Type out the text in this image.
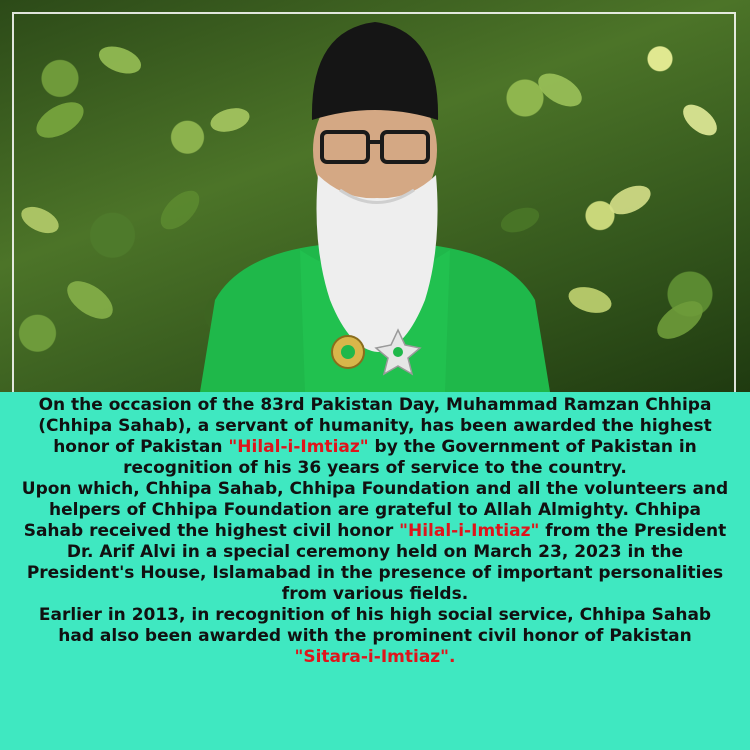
On the occasion of the 83rd Pakistan Day, Muhammad Ramzan Chhipa (Chhipa Sahab), a servant of humanity, has been awarded the highest honor of Pakistan "Hilal-i-Imtiaz" by the Government of Pakistan in recognition of his 36 years of service to the country.

Upon which, Chhipa Sahab, Chhipa Foundation and all the volunteers and helpers of Chhipa Foundation are grateful to Allah Almighty. Chhipa Sahab received the highest civil honor "Hilal-i-Imtiaz" from the President Dr. Arif Alvi in a special ceremony held on March 23, 2023 in the President's House, Islamabad in the presence of important personalities from various fields.

Earlier in 2013, in recognition of his high social service, Chhipa Sahab had also been awarded with the prominent civil honor of Pakistan "Sitara-i-Imtiaz".
